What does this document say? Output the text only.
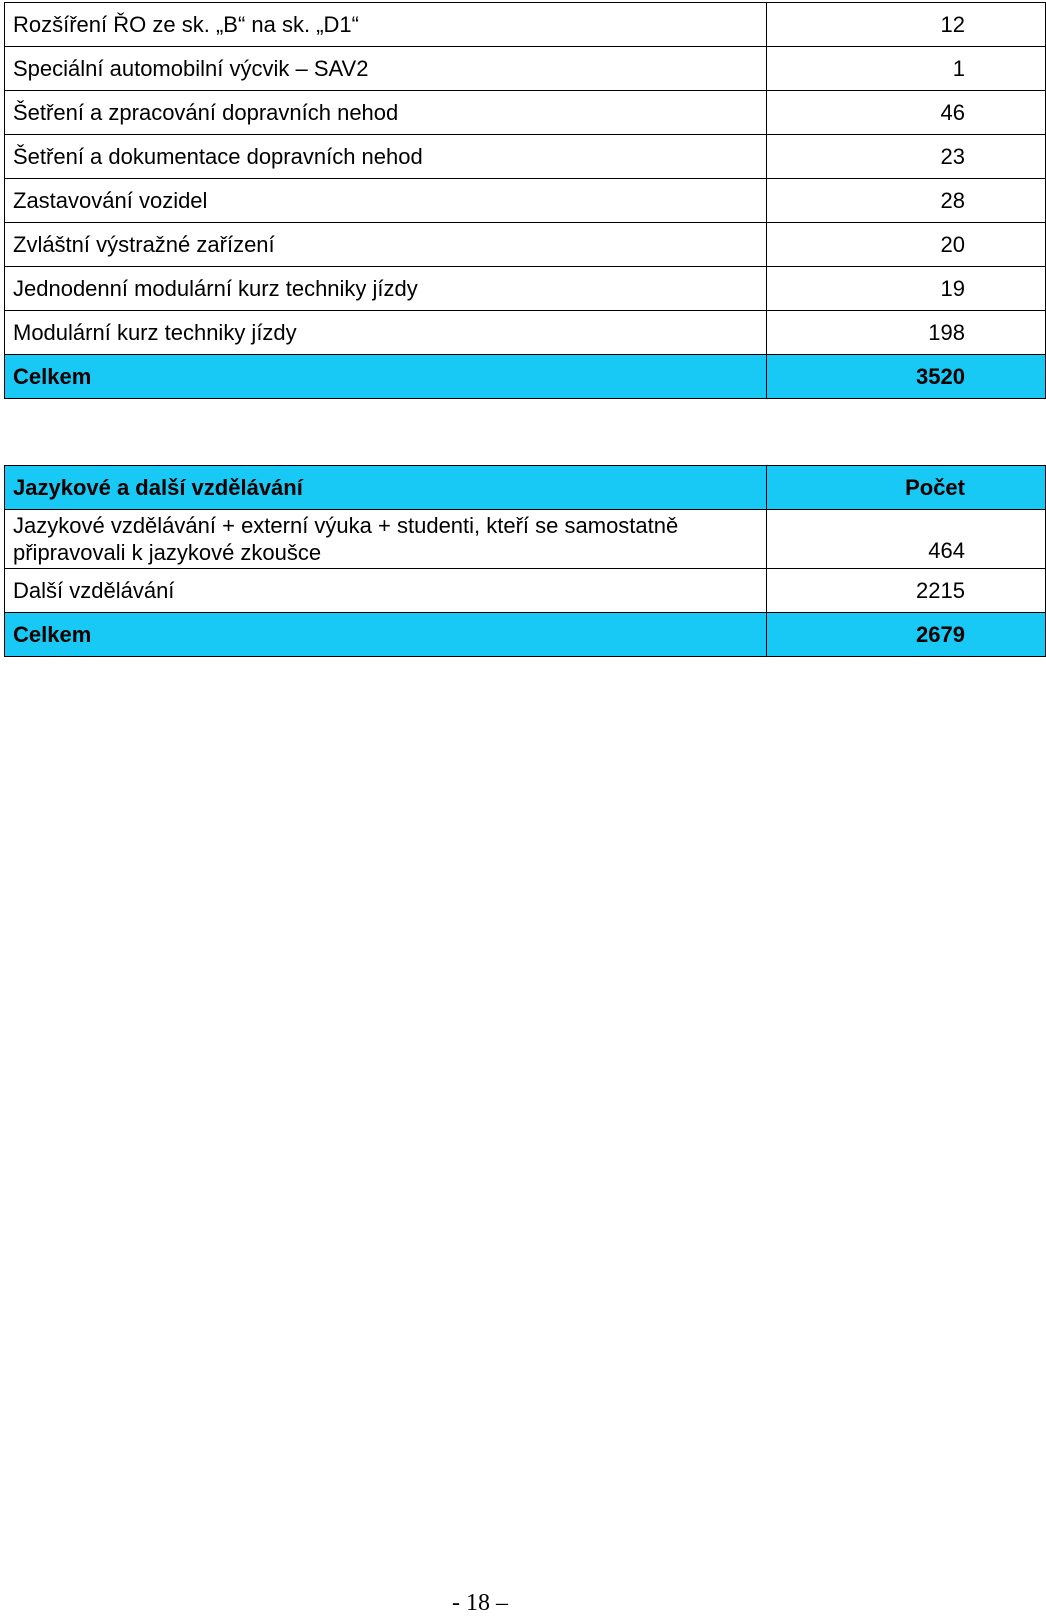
Rozšíření ŘO ze sk. „B“ na sk. „D1“	12
Speciální automobilní výcvik – SAV2	1
Šetření a zpracování dopravních nehod	46
Šetření a dokumentace dopravních nehod	23
Zastavování vozidel	28
Zvláštní výstražné zařízení	20
Jednodenní modulární kurz techniky jízdy	19
Modulární kurz techniky jízdy	198
Celkem	3520
Jazykové a další vzdělávání	Počet
Jazykové vzdělávání + externí výuka + studenti, kteří se samostatně připravovali k jazykové zkoušce	464
Další vzdělávání	2215
Celkem	2679
- 18 –
